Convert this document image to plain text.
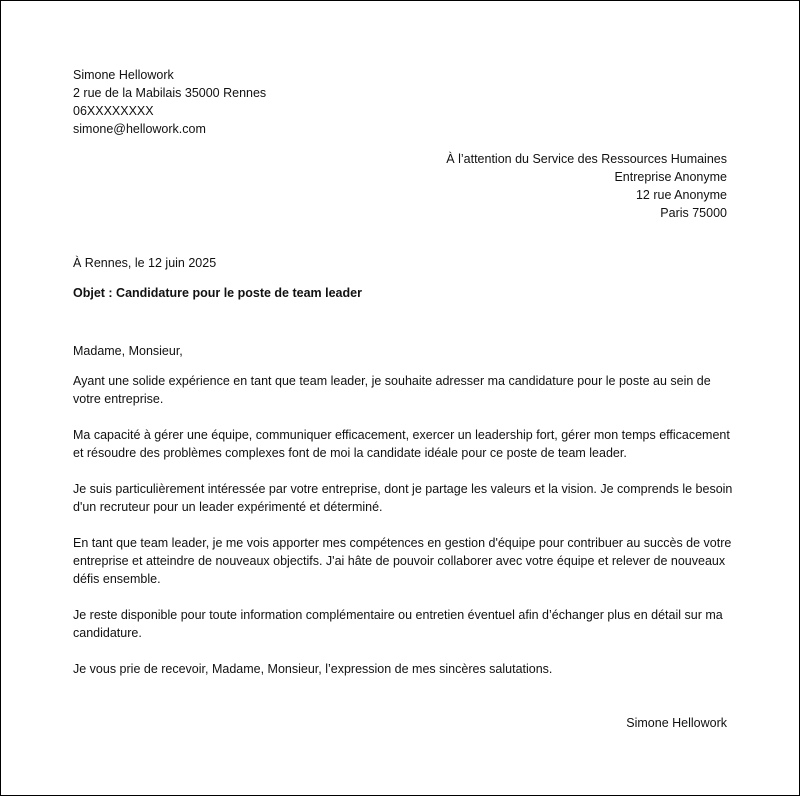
Simone Hellowork
2 rue de la Mabilais 35000 Rennes
06XXXXXXXX
simone@hellowork.com
À l’attention du Service des Ressources Humaines
Entreprise Anonyme
12 rue Anonyme
Paris 75000
À Rennes, le 12 juin 2025
Objet : Candidature pour le poste de team leader
Madame, Monsieur,
Ayant une solide expérience en tant que team leader, je souhaite adresser ma candidature pour le poste au sein de votre entreprise.
Ma capacité à gérer une équipe, communiquer efficacement, exercer un leadership fort, gérer mon temps efficacement et résoudre des problèmes complexes font de moi la candidate idéale pour ce poste de team leader.
Je suis particulièrement intéressée par votre entreprise, dont je partage les valeurs et la vision. Je comprends le besoin d'un recruteur pour un leader expérimenté et déterminé.
En tant que team leader, je me vois apporter mes compétences en gestion d'équipe pour contribuer au succès de votre entreprise et atteindre de nouveaux objectifs. J'ai hâte de pouvoir collaborer avec votre équipe et relever de nouveaux défis ensemble.
Je reste disponible pour toute information complémentaire ou entretien éventuel afin d’échanger plus en détail sur ma candidature.
Je vous prie de recevoir, Madame, Monsieur, l’expression de mes sincères salutations.
Simone Hellowork
